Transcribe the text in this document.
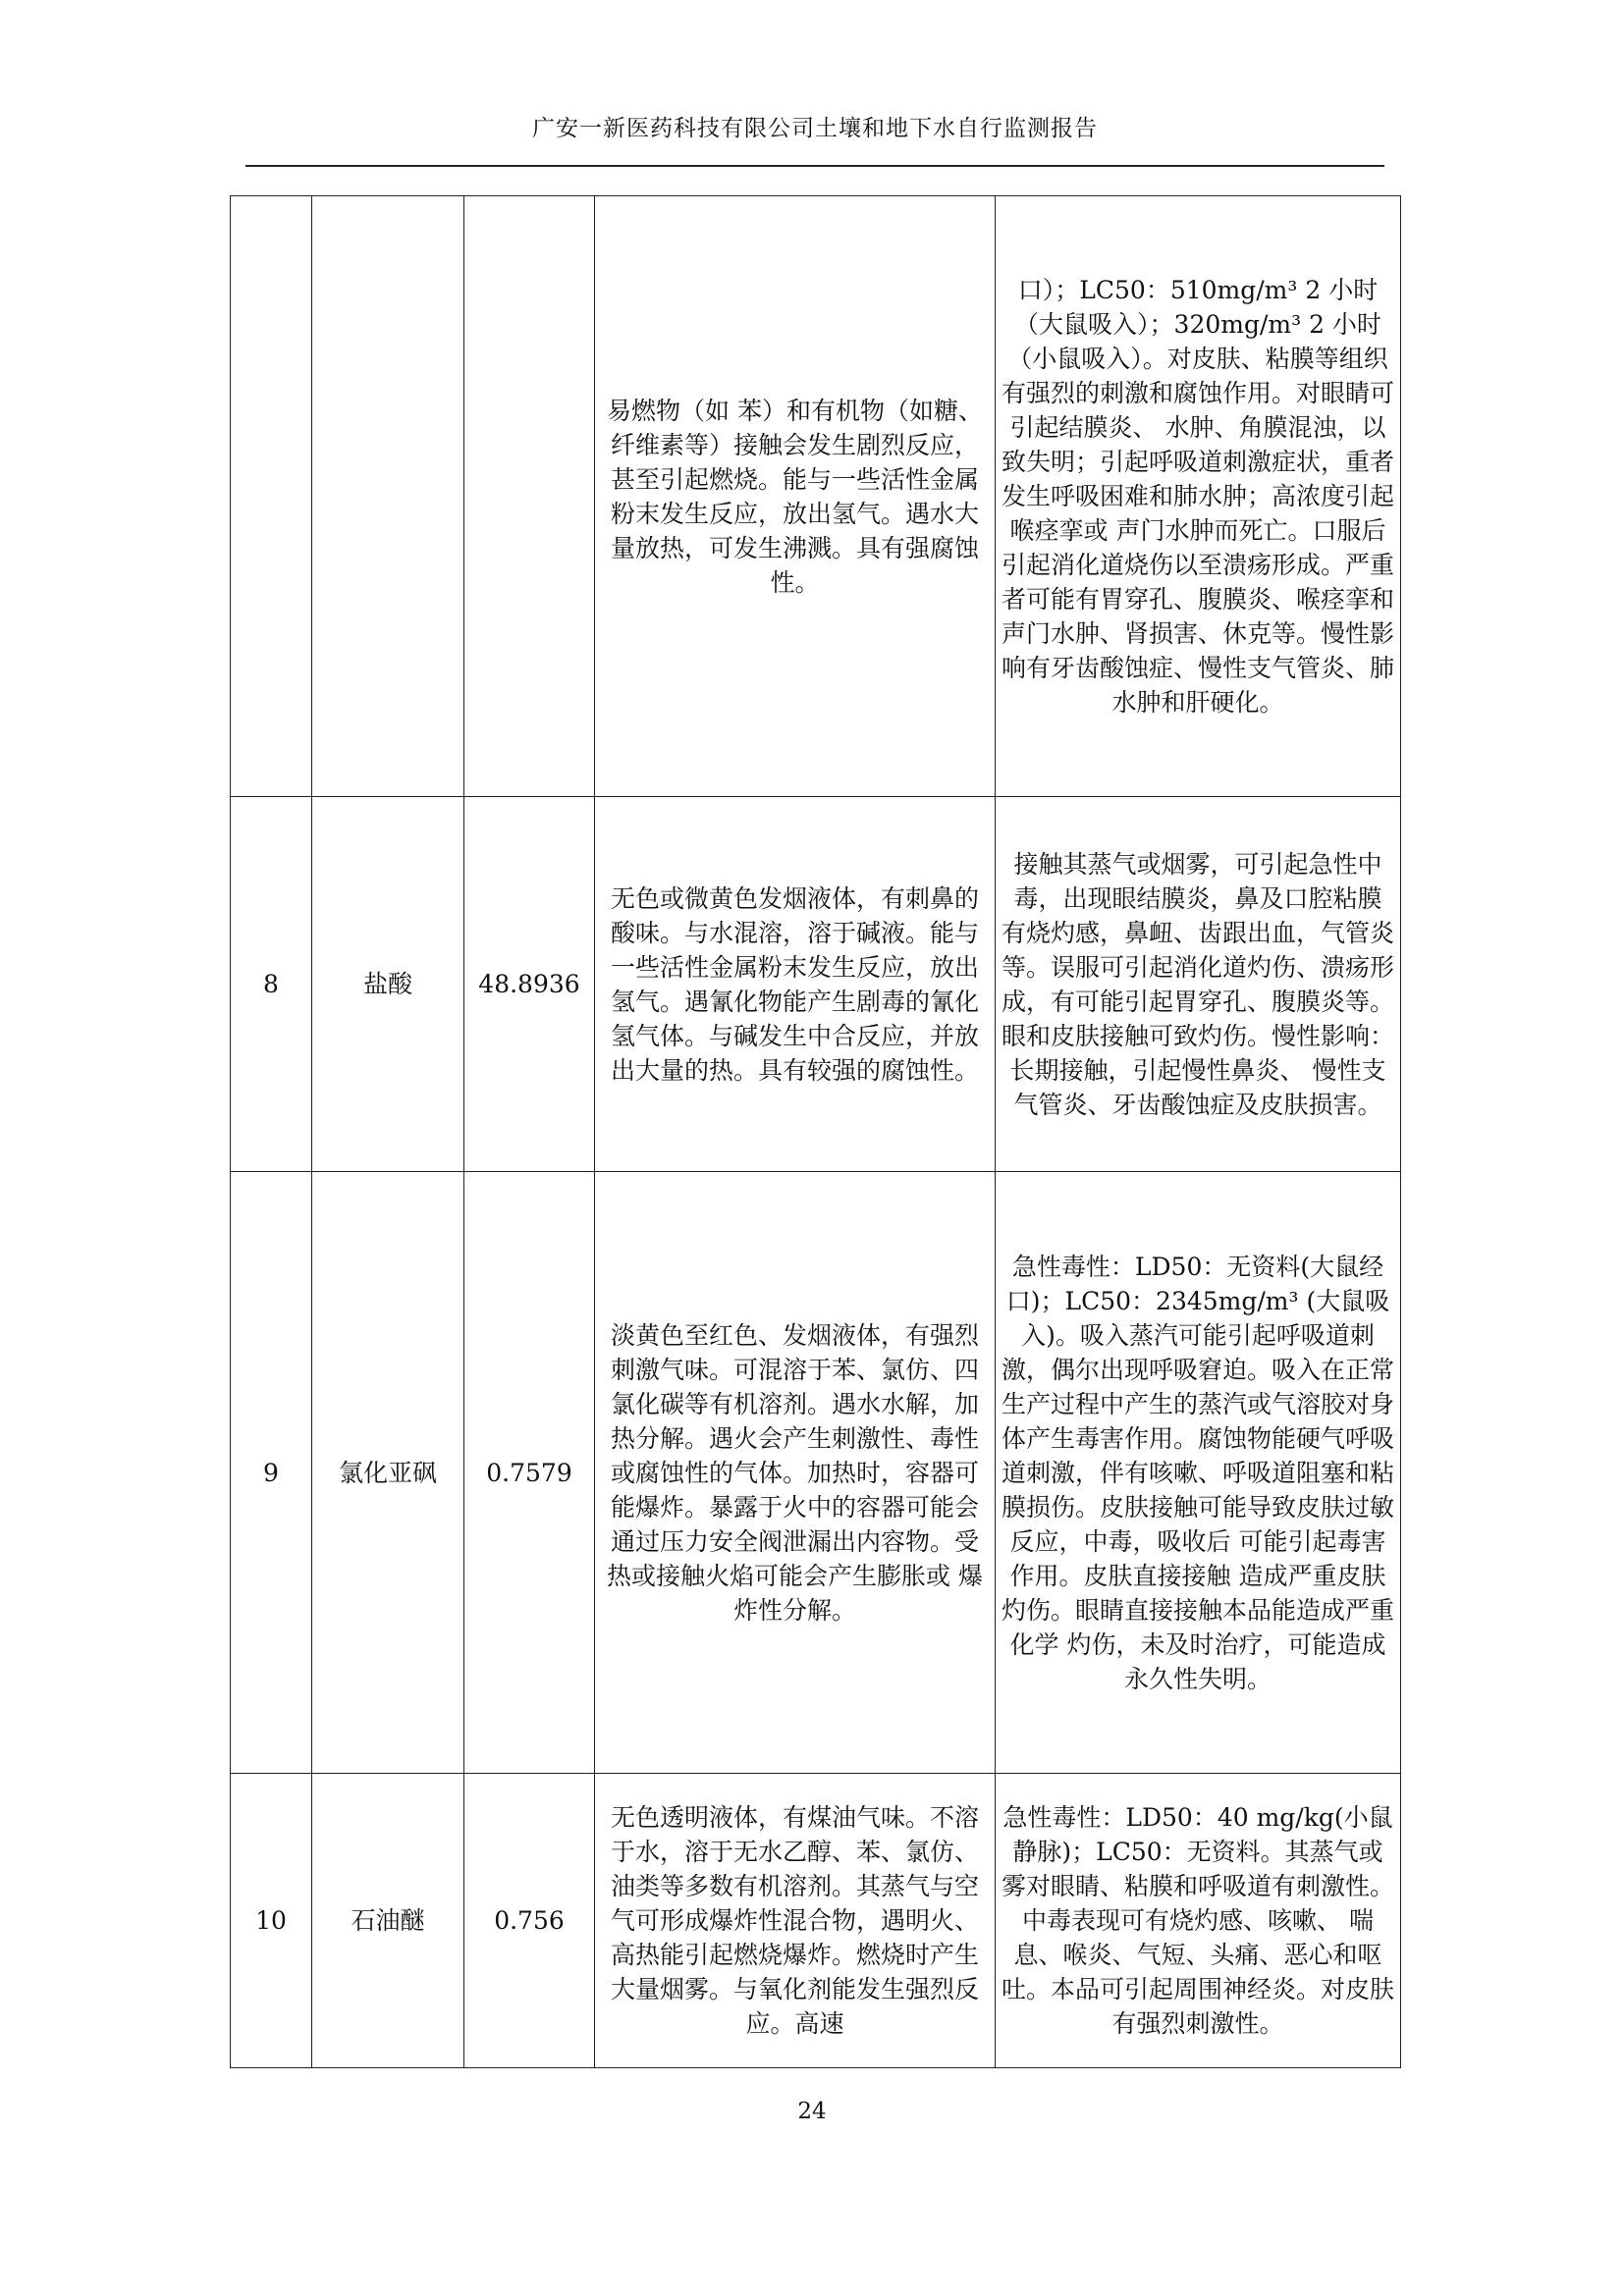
广安一新医药科技有限公司土壤和地下水自行监测报告
			易燃物（如 苯）和有机物（如糖、纤维素等）接触会发生剧烈反应，甚至引起燃烧。能与一些活性金属粉末发生反应，放出氢气。遇水大量放热，可发生沸溅。具有强腐蚀性。	口）；LC50：510mg/m³ 2 小时（大鼠吸入）；320mg/m³ 2 小时（小鼠吸入）。对皮肤、粘膜等组织有强烈的刺激和腐蚀作用。对眼睛可引起结膜炎、 水肿、角膜混浊，以致失明；引起呼吸道刺激症状，重者发生呼吸困难和肺水肿；高浓度引起喉痉挛或 声门水肿而死亡。口服后引起消化道烧伤以至溃疡形成。严重者可能有胃穿孔、腹膜炎、喉痉挛和声门水肿、肾损害、休克等。慢性影响有牙齿酸蚀症、慢性支气管炎、肺水肿和肝硬化。
8	盐酸	48.8936	无色或微黄色发烟液体，有刺鼻的酸味。与水混溶，溶于碱液。能与一些活性金属粉末发生反应，放出氢气。遇氰化物能产生剧毒的氰化氢气体。与碱发生中合反应，并放出大量的热。具有较强的腐蚀性。	接触其蒸气或烟雾，可引起急性中毒，出现眼结膜炎，鼻及口腔粘膜 有烧灼感，鼻衄、齿跟出血，气管炎等。误服可引起消化道灼伤、溃疡形成，有可能引起胃穿孔、腹膜炎等。眼和皮肤接触可致灼伤。慢性影响：长期接触，引起慢性鼻炎、 慢性支气管炎、牙齿酸蚀症及皮肤损害。
9	氯化亚砜	0.7579	淡黄色至红色、发烟液体，有强烈刺激气味。可混溶于苯、氯仿、四氯化碳等有机溶剂。遇水水解，加热分解。遇火会产生刺激性、毒性或腐蚀性的气体。加热时，容器可能爆炸。暴露于火中的容器可能会通过压力安全阀泄漏出内容物。受热或接触火焰可能会产生膨胀或 爆炸性分解。	急性毒性：LD50：无资料(大鼠经口)；LC50：2345mg/m³ (大鼠吸入)。吸入蒸汽可能引起呼吸道刺 激，偶尔出现呼吸窘迫。吸入在正常生产过程中产生的蒸汽或气溶胶对身体产生毒害作用。腐蚀物能硬气呼吸道刺激，伴有咳嗽、呼吸道阻塞和粘膜损伤。皮肤接触可能导致皮肤过敏反应，中毒，吸收后 可能引起毒害作用。皮肤直接接触 造成严重皮肤灼伤。眼睛直接接触本品能造成严重化学 灼伤，未及时治疗，可能造成永久性失明。
10	石油醚	0.756	无色透明液体，有煤油气味。不溶于水，溶于无水乙醇、苯、氯仿、 油类等多数有机溶剂。其蒸气与空 气可形成爆炸性混合物，遇明火、 高热能引起燃烧爆炸。燃烧时产生大量烟雾。与氧化剂能发生强烈反应。高速	急性毒性：LD50：40 mg/kg(小鼠 静脉)；LC50：无资料。其蒸气或雾对眼睛、粘膜和呼吸道有刺激性。中毒表现可有烧灼感、咳嗽、 喘息、喉炎、气短、头痛、恶心和呕吐。本品可引起周围神经炎。对皮肤有强烈刺激性。
24
